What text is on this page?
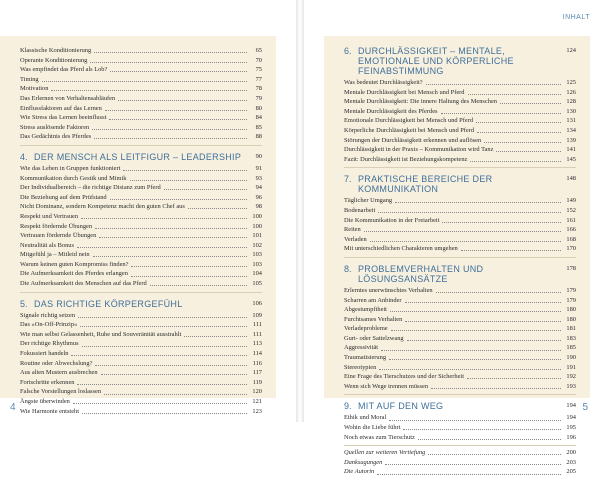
Klassische Konditionierung	65
Operante Konditionierung	70
Was empfindet das Pferd als Lob?	75
Timing	77
Motivation	78
Das Erlernen von Verhaltensabläufen	79
Einflussfaktoren auf das Lernen	80
Wie Stress das Lernen beeinflusst	84
Stress auslösende Faktoren	85
Das Gedächtnis des Pferdes	88
4. DER MENSCH ALS LEITFIGUR – LEADERSHIP	90
Wie das Leben in Gruppen funktioniert	91
Kommunikation durch Gestik und Mimik	93
Der Individualbereich – die richtige Distanz zum Pferd	94
Die Beziehung auf dem Prüfstand	96
Nicht Dominanz, sondern Kompetenz macht den guten Chef aus	98
Respekt und Vertrauen	100
Respekt fördernde Übungen	100
Vertrauen fördernde Übungen	101
Neutralität als Bonus	102
Mitgefühl ja – Mitleid nein	103
Warum keinen guten Kompromiss finden?	103
Die Aufmerksamkeit des Pferdes erlangen	104
Die Aufmerksamkeit des Menschen auf das Pferd	105
5. DAS RICHTIGE KÖRPERGEFÜHL	106
Signale richtig setzen	109
Das »On-Off-Prinzip«	111
Wie man selbst Gelassenheit, Ruhe und Souveränität ausstrahlt	111
Der richtige Rhythmus	113
Fokussiert handeln	114
Routine oder Abwechslung?	116
Aus alten Mustern ausbrechen	117
Fortschritte erkennen	119
Falsche Vorstellungen loslassen	120
Ängste überwinden	121
Wie Harmonie entsteht	123
4
INHALT
6. DURCHLÄSSIGKEIT – MENTALE, EMOTIONALE UND KÖRPERLICHE FEINABSTIMMUNG
124
Was bedeutet Durchlässigkeit?	125
Mentale Durchlässigkeit bei Mensch und Pferd	126
Mentale Durchlässigkeit: Die innere Haltung des Menschen	128
Mentale Durchlässigkeit des Pferdes	130
Emotionale Durchlässigkeit bei Mensch und Pferd	131
Körperliche Durchlässigkeit bei Mensch und Pferd	134
Störungen der Durchlässigkeit erkennen und auflösen	139
Durchlässigkeit in der Praxis – Kommunikation wird Tanz	141
Fazit: Durchlässigkeit ist Beziehungskompetenz	145
7. PRAKTISCHE BEREICHE DER KOMMUNIKATION
148
Täglicher Umgang	149
Bodenarbeit	152
Die Kommunikation in der Freiarbeit	161
Reiten	166
Verladen	168
Mit unterschiedlichen Charakteren umgehen	170
8. PROBLEMVERHALTEN UND LÖSUNGSANSÄTZE
178
Erlerntes unerwünschtes Verhalten	179
Scharren am Anbinder	179
Abgestumpftheit	180
Furchtsames Verhalten	180
Verladeprobleme	181
Gurt- oder Sattelzwang	183
Aggressivität	185
Traumatisierung	190
Stereotypien	191
Eine Frage des Tierschutzes und der Sicherheit	192
Wenn sich Wege trennen müssen	193
9. MIT AUF DEN WEG	194
Ethik und Moral	194
Wohin die Liebe führt	195
Noch etwas zum Tierschutz	196
Quellen zur weiteren Vertiefung	200
Danksagungen	203
Die Autorin	205
5
